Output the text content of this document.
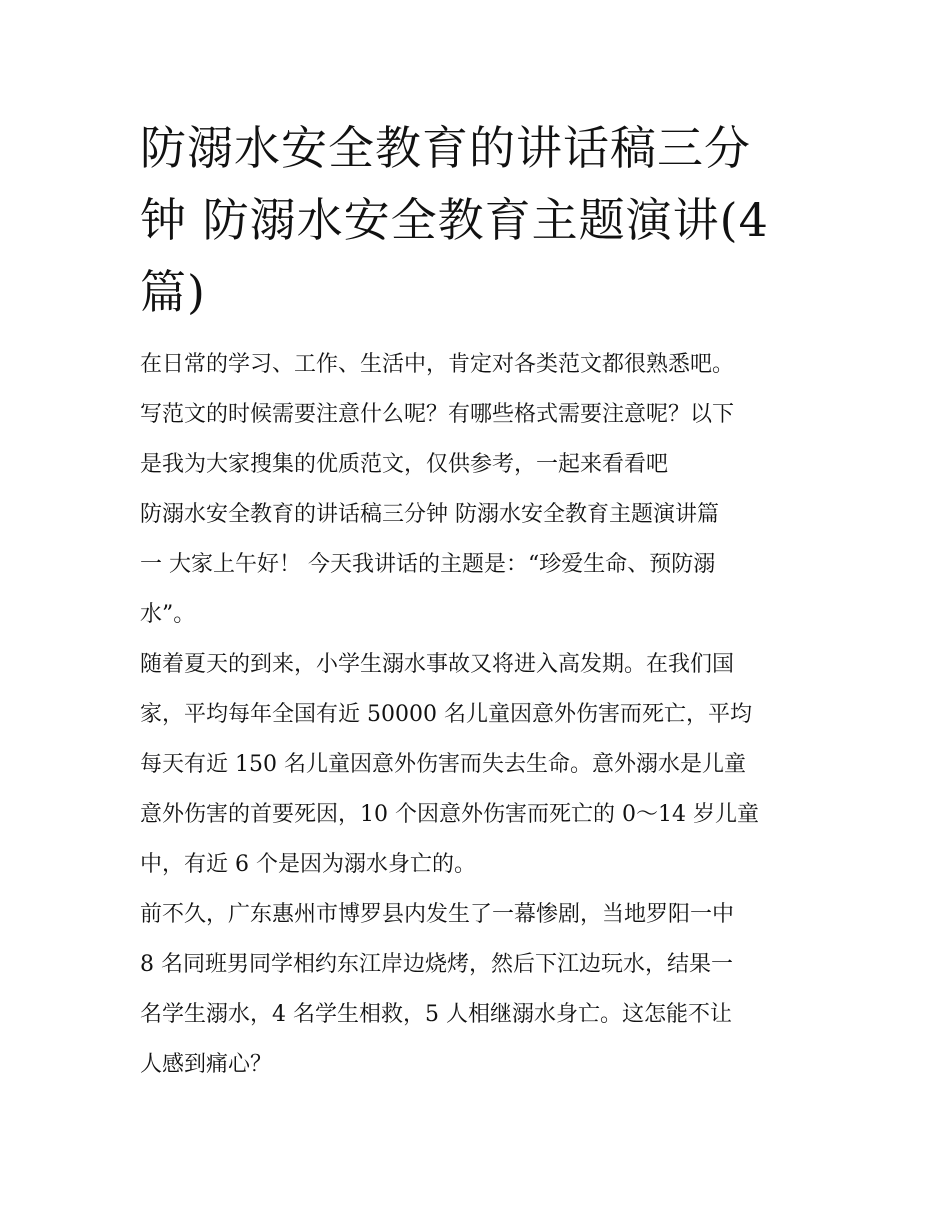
防溺水安全教育的讲话稿三分
钟 防溺水安全教育主题演讲(4
篇)

在日常的学习、工作、生活中，肯定对各类范文都很熟悉吧。
写范文的时候需要注意什么呢？有哪些格式需要注意呢？以下
是我为大家搜集的优质范文，仅供参考，一起来看看吧

防溺水安全教育的讲话稿三分钟 防溺水安全教育主题演讲篇
一 大家上午好！ 今天我讲话的主题是：“珍爱生命、预防溺
水”。

随着夏天的到来，小学生溺水事故又将进入高发期。在我们国
家，平均每年全国有近 50000 名儿童因意外伤害而死亡，平均
每天有近 150 名儿童因意外伤害而失去生命。意外溺水是儿童
意外伤害的首要死因，10 个因意外伤害而死亡的 0～14 岁儿童
中，有近 6 个是因为溺水身亡的。

前不久，广东惠州市博罗县内发生了一幕惨剧，当地罗阳一中
8 名同班男同学相约东江岸边烧烤，然后下江边玩水，结果一
名学生溺水，4 名学生相救，5 人相继溺水身亡。这怎能不让
人感到痛心？
